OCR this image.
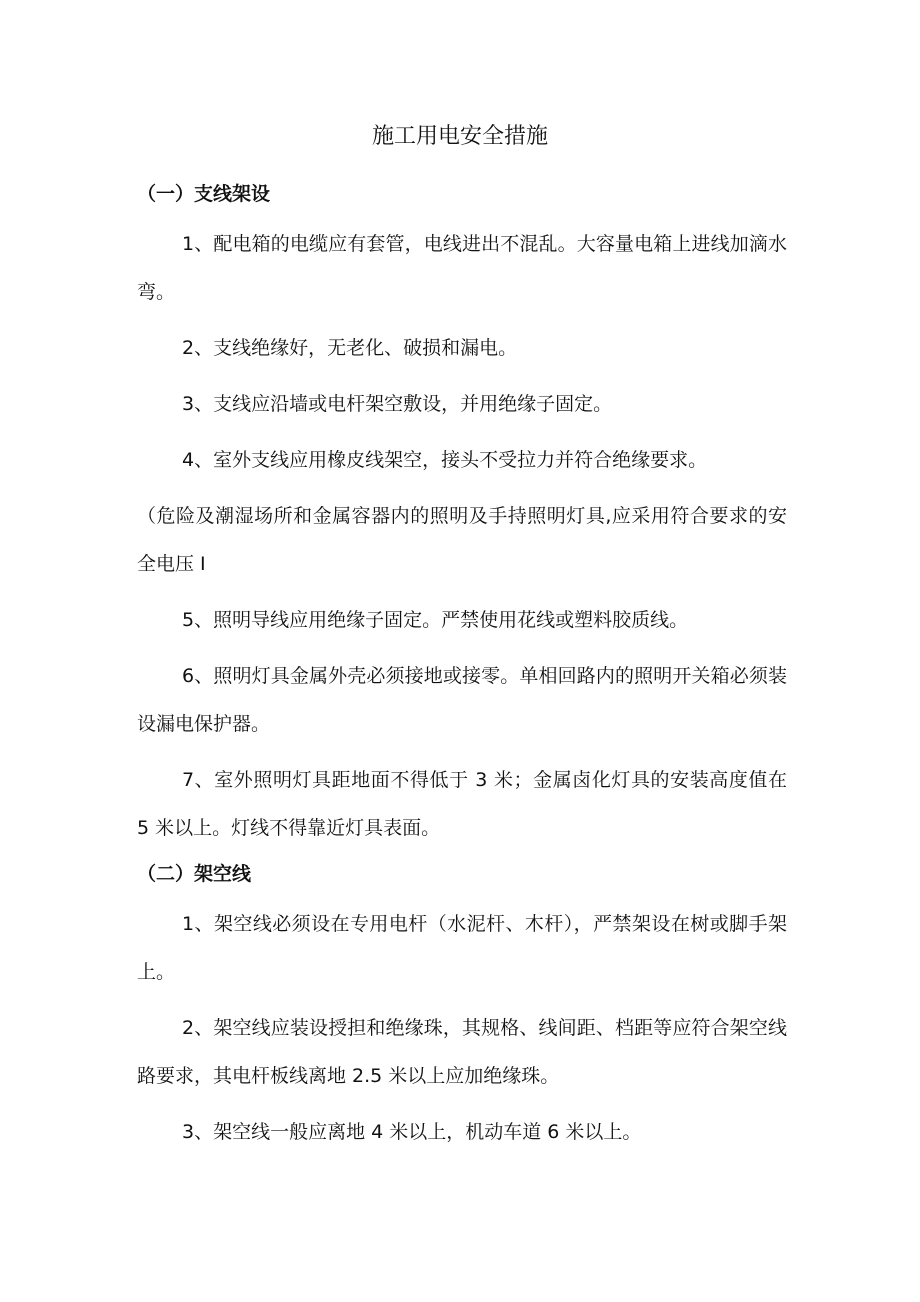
施工用电安全措施
（一）支线架设

1、配电箱的电缆应有套管，电线进出不混乱。大容量电箱上进线加滴水弯。

2、支线绝缘好，无老化、破损和漏电。

3、支线应沿墙或电杆架空敷设，并用绝缘子固定。

4、室外支线应用橡皮线架空，接头不受拉力并符合绝缘要求。

（危险及潮湿场所和金属容器内的照明及手持照明灯具,应采用符合要求的安全电压 I

5、照明导线应用绝缘子固定。严禁使用花线或塑料胶质线。

6、照明灯具金属外壳必须接地或接零。单相回路内的照明开关箱必须装设漏电保护器。

7、室外照明灯具距地面不得低于 3 米；金属卤化灯具的安装高度值在 5 米以上。灯线不得靠近灯具表面。

（二）架空线

1、架空线必须设在专用电杆（水泥杆、木杆），严禁架设在树或脚手架上。

2、架空线应装设授担和绝缘珠，其规格、线间距、档距等应符合架空线路要求，其电杆板线离地 2.5 米以上应加绝缘珠。

3、架空线一般应离地 4 米以上，机动车道 6 米以上。
